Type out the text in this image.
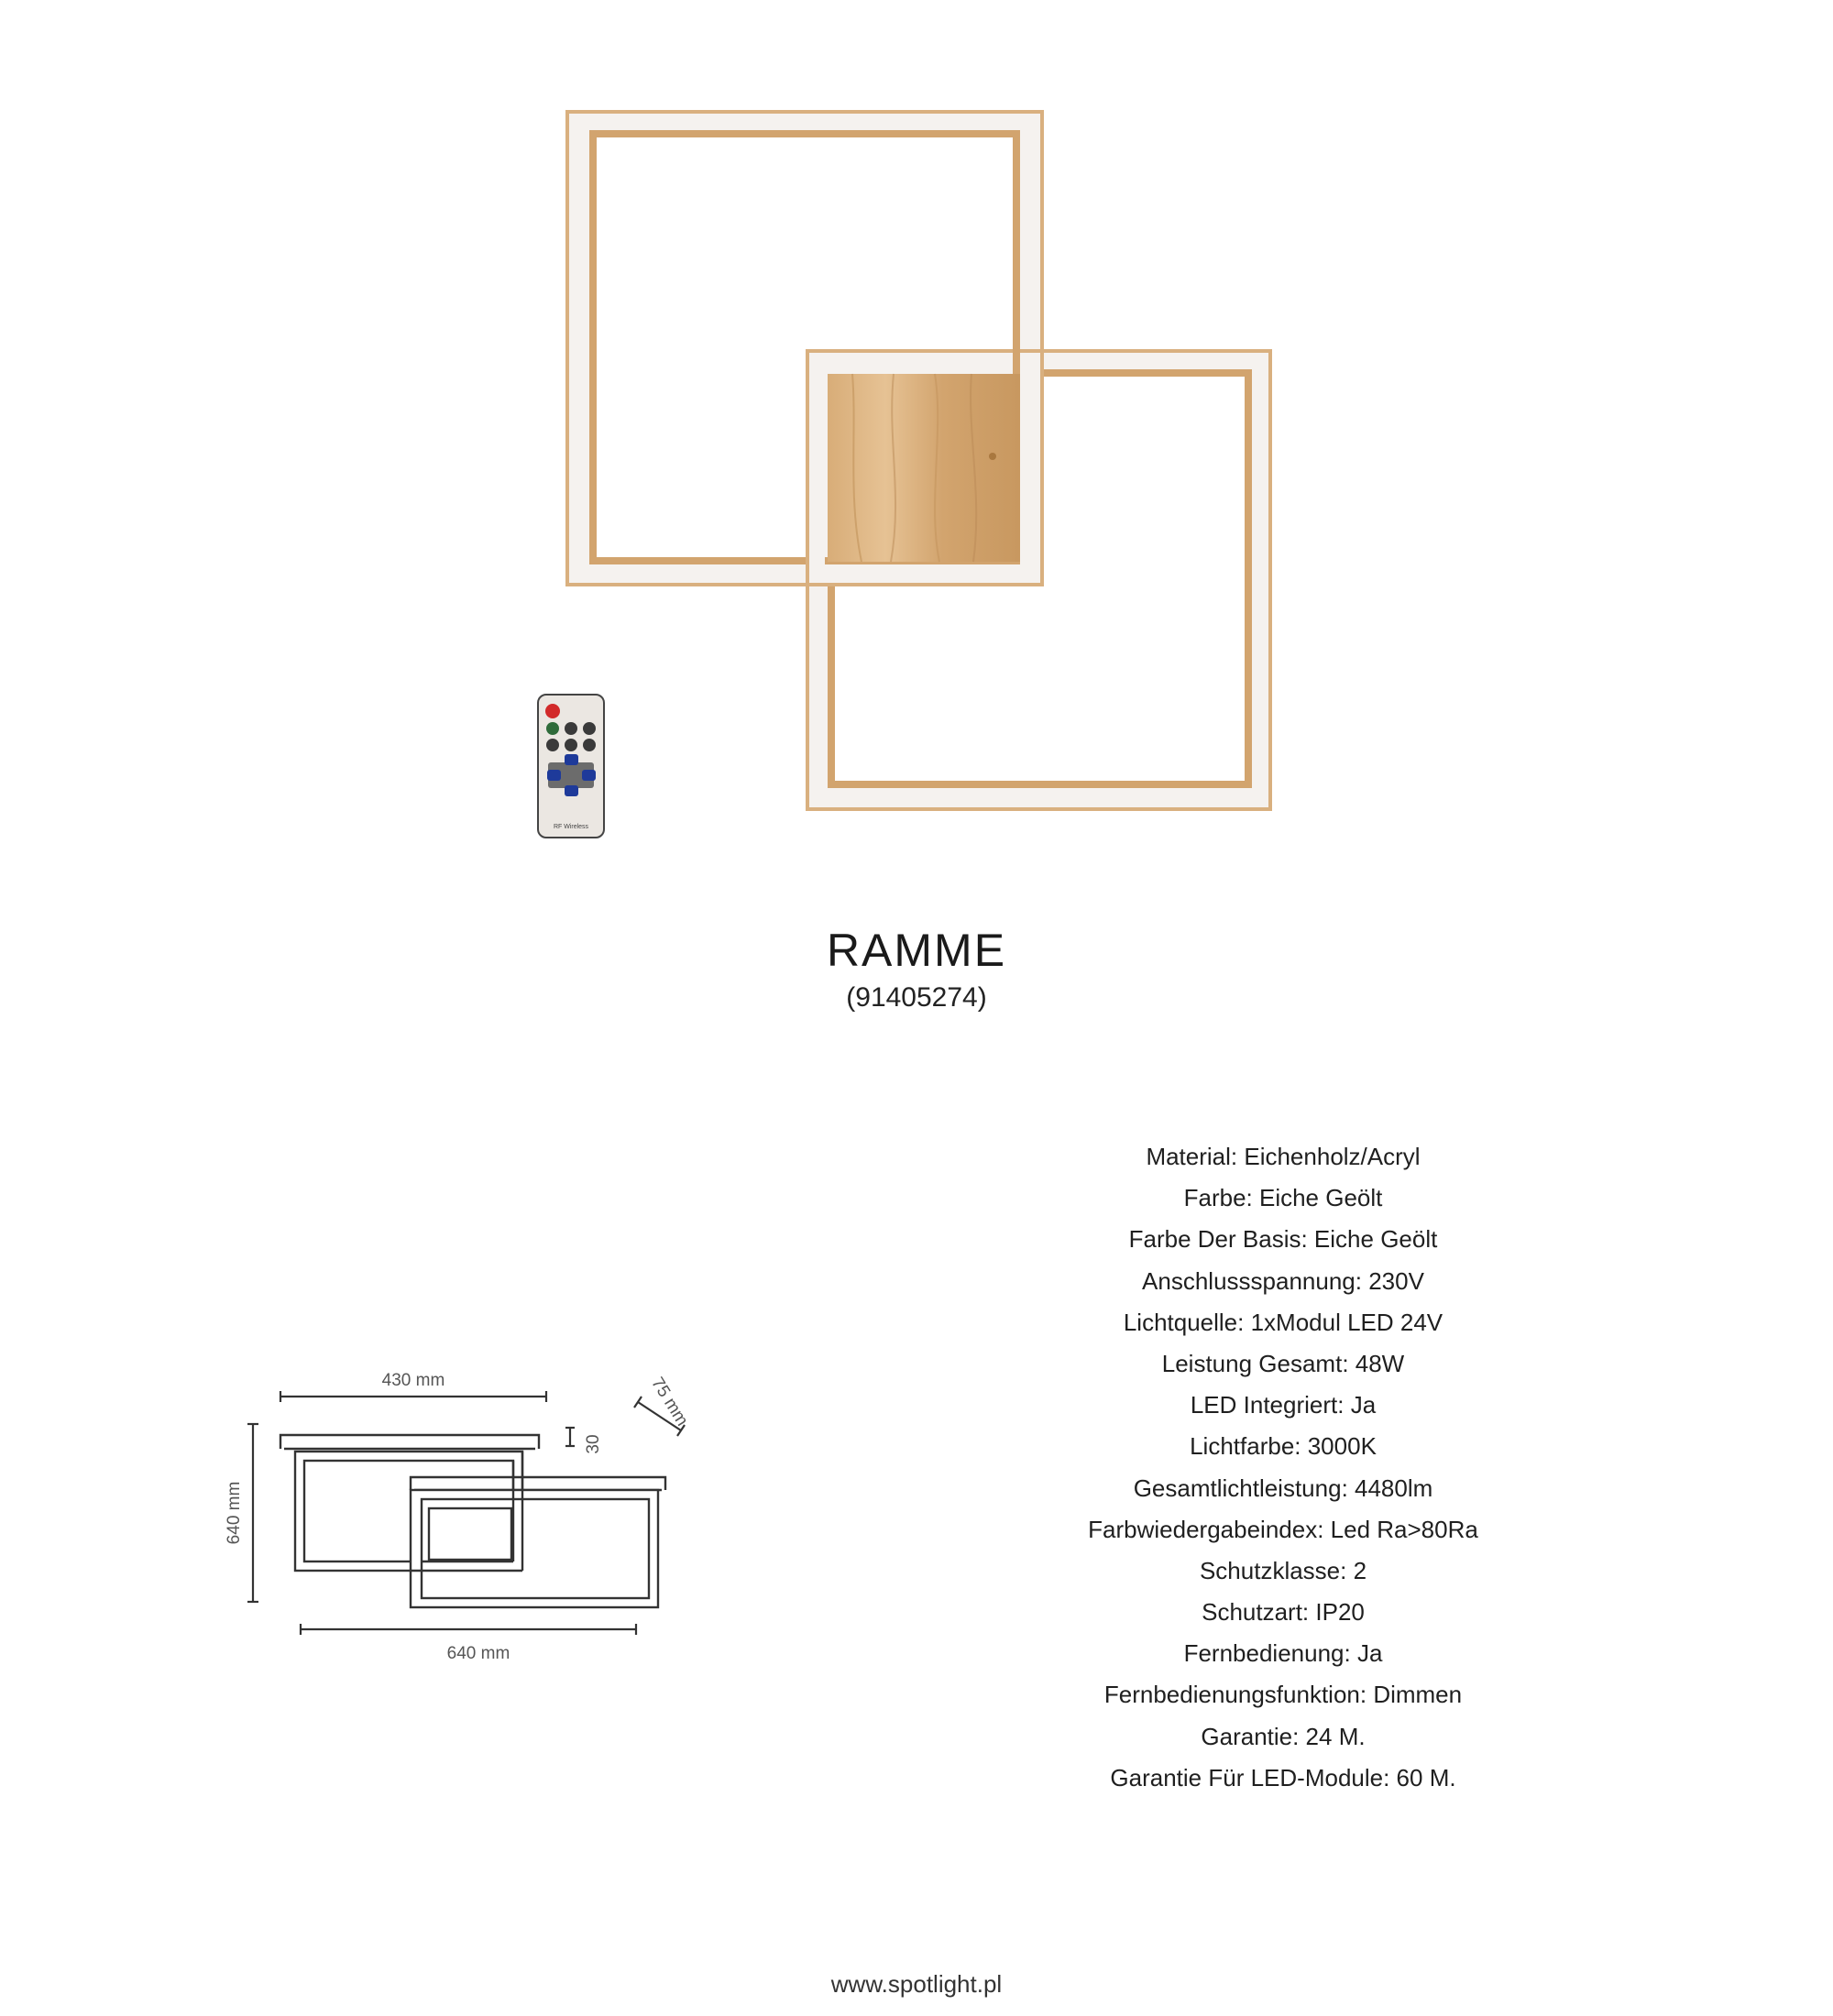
RF Wireless
RAMME
(91405274)
430 mm
30
75 mm
640 mm
640 mm
Material: Eichenholz/Acryl
Farbe: Eiche Geölt
Farbe Der Basis: Eiche Geölt
Anschlussspannung: 230V
Lichtquelle: 1xModul LED 24V
Leistung Gesamt: 48W
LED Integriert: Ja
Lichtfarbe: 3000K
Gesamtlichtleistung: 4480lm
Farbwiedergabeindex: Led Ra>80Ra
Schutzklasse: 2
Schutzart: IP20
Fernbedienung: Ja
Fernbedienungsfunktion: Dimmen
Garantie: 24 M.
Garantie Für LED-Module: 60 M.
www.spotlight.pl
